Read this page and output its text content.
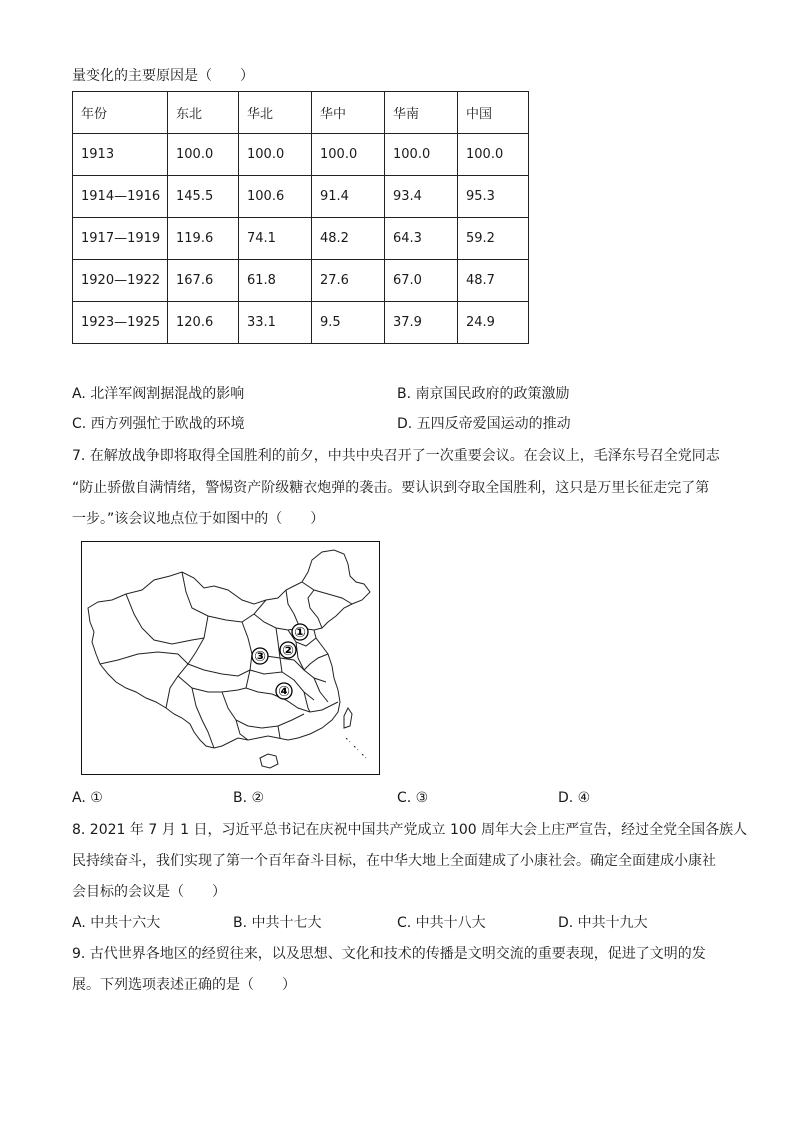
量变化的主要原因是（　　）
年份	东北	华北	华中	华南	中国
1913	100.0	100.0	100.0	100.0	100.0
1914—1916	145.5	100.6	91.4	93.4	95.3
1917—1919	119.6	74.1	48.2	64.3	59.2
1920—1922	167.6	61.8	27.6	67.0	48.7
1923—1925	120.6	33.1	9.5	37.9	24.9
A. 北洋军阀割据混战的影响	B. 南京国民政府的政策激励
C. 西方列强忙于欧战的环境	D. 五四反帝爱国运动的推动
7. 在解放战争即将取得全国胜利的前夕，中共中央召开了一次重要会议。在会议上，毛泽东号召全党同志
“防止骄傲自满情绪，警惕资产阶级糖衣炮弹的袭击。要认识到夺取全国胜利，这只是万里长征走完了第
一步。”该会议地点位于如图中的（　　）
①
②
③
④
A. ①	B. ②	C. ③	D. ④
8. 2021 年 7 月 1 日，习近平总书记在庆祝中国共产党成立 100 周年大会上庄严宣告，经过全党全国各族人
民持续奋斗，我们实现了第一个百年奋斗目标，在中华大地上全面建成了小康社会。确定全面建成小康社
会目标的会议是（　　）
A. 中共十六大	B. 中共十七大	C. 中共十八大	D. 中共十九大
9. 古代世界各地区的经贸往来，以及思想、文化和技术的传播是文明交流的重要表现，促进了文明的发
展。下列选项表述正确的是（　　）
